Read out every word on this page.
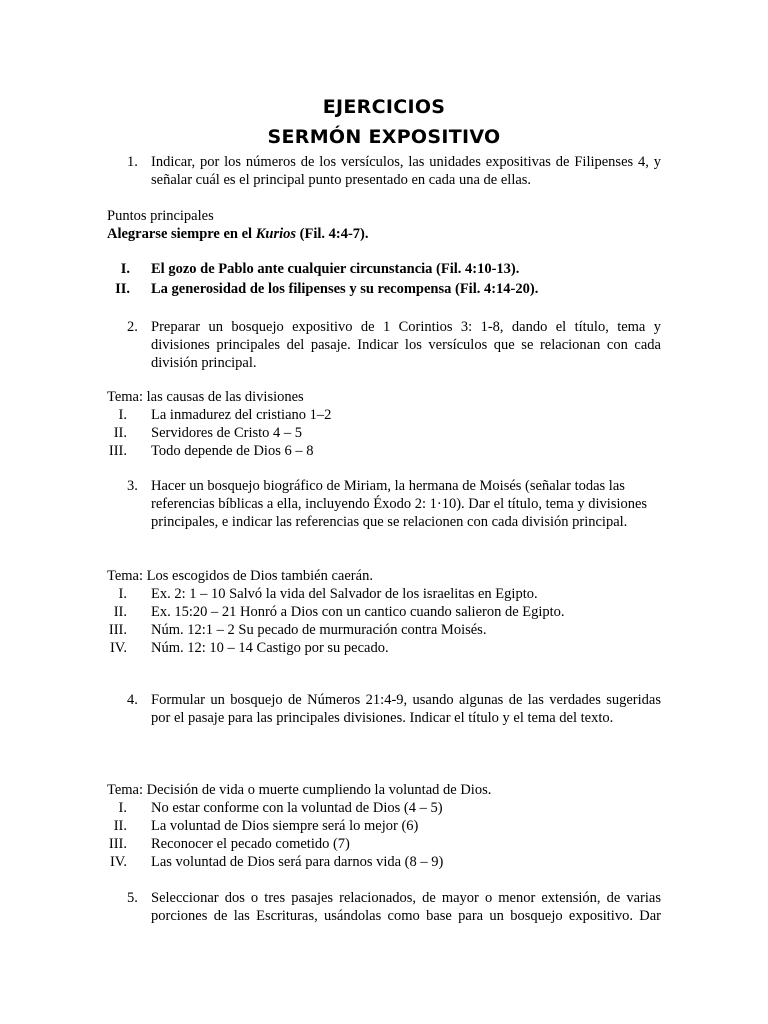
EJERCICIOS
SERMÓN EXPOSITIVO
1. Indicar, por los números de los versículos, las unidades expositivas de Filipenses 4, y señalar cuál es el principal punto presentado en cada una de ellas.
Puntos principales
Alegrarse siempre en el Kurios (Fil. 4:4-7).
I. El gozo de Pablo ante cualquier circunstancia (Fil. 4:10-13).
II. La generosidad de los filipenses y su recompensa (Fil. 4:14-20).
2. Preparar un bosquejo expositivo de 1 Corintios 3: 1-8, dando el título, tema y divisiones principales del pasaje. Indicar los versículos que se relacionan con cada división principal.
Tema: las causas de las divisiones
I. La inmadurez del cristiano 1–2
II. Servidores de Cristo 4 – 5
III. Todo depende de Dios 6 – 8
3. Hacer un bosquejo biográfico de Miriam, la hermana de Moisés (señalar todas las referencias bíblicas a ella, incluyendo Éxodo 2: 1·10). Dar el título, tema y divisiones principales, e indicar las referencias que se relacionen con cada división principal.
Tema: Los escogidos de Dios también caerán.
I. Ex. 2: 1 – 10 Salvó la vida del Salvador de los israelitas en Egipto.
II. Ex. 15:20 – 21 Honró a Dios con un cantico cuando salieron de Egipto.
III. Núm. 12:1 – 2 Su pecado de murmuración contra Moisés.
IV. Núm. 12: 10 – 14 Castigo por su pecado.
4. Formular un bosquejo de Números 21:4-9, usando algunas de las verdades sugeridas por el pasaje para las principales divisiones. Indicar el título y el tema del texto.
Tema: Decisión de vida o muerte cumpliendo la voluntad de Dios.
I. No estar conforme con la voluntad de Dios (4 – 5)
II. La voluntad de Dios siempre será lo mejor (6)
III. Reconocer el pecado cometido (7)
IV. Las voluntad de Dios será para darnos vida (8 – 9)
5. Seleccionar dos o tres pasajes relacionados, de mayor o menor extensión, de varias porciones de las Escrituras, usándolas como base para un bosquejo expositivo. Dar
